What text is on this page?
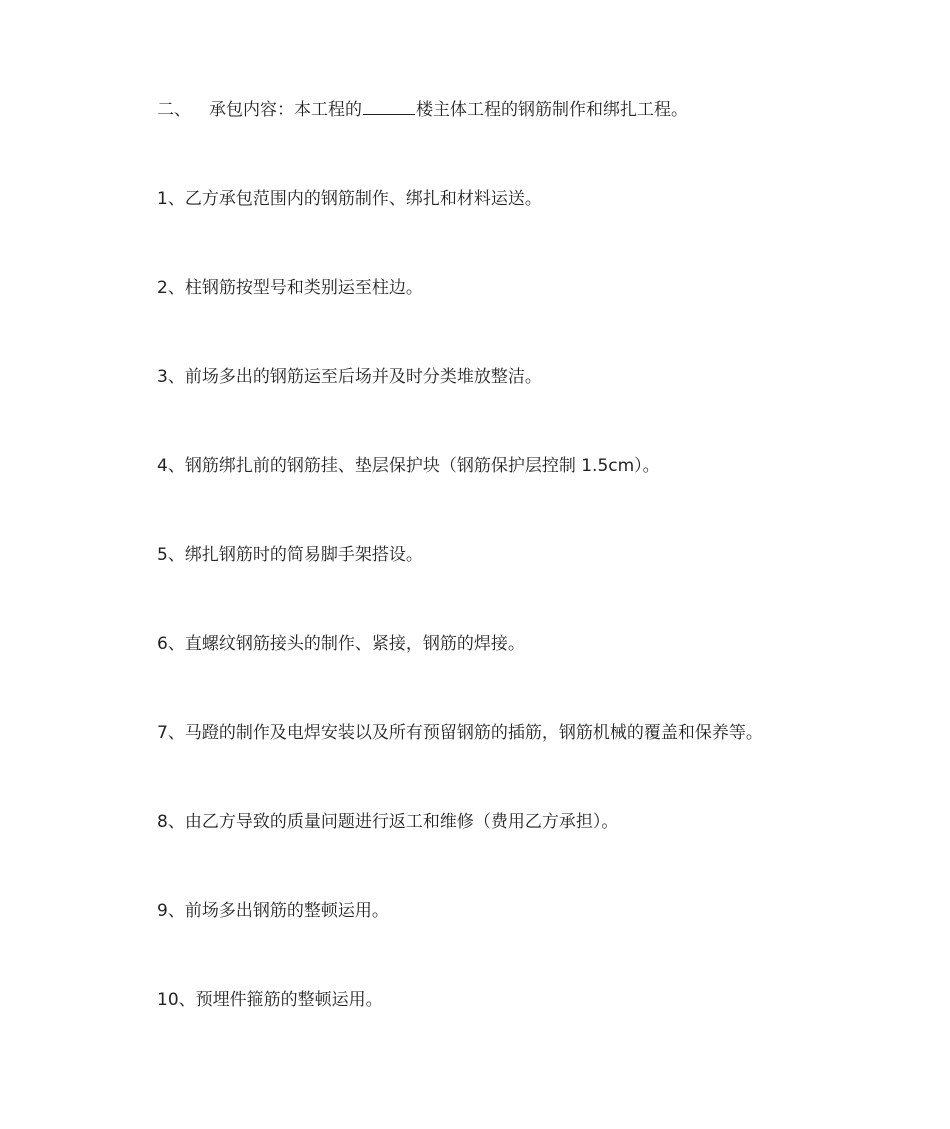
二、 承包内容：本工程的	楼主体工程的钢筋制作和绑扎工程。
1、乙方承包范围内的钢筋制作、绑扎和材料运送。
2、柱钢筋按型号和类别运至柱边。
3、前场多出的钢筋运至后场并及时分类堆放整洁。
4、钢筋绑扎前的钢筋挂、垫层保护块（钢筋保护层控制 1.5cm）。
5、绑扎钢筋时的简易脚手架搭设。
6、直螺纹钢筋接头的制作、紧接，钢筋的焊接。
7、马蹬的制作及电焊安装以及所有预留钢筋的插筋，钢筋机械的覆盖和保养等。
8、由乙方导致的质量问题进行返工和维修（费用乙方承担）。
9、前场多出钢筋的整顿运用。
10、预埋件箍筋的整顿运用。
